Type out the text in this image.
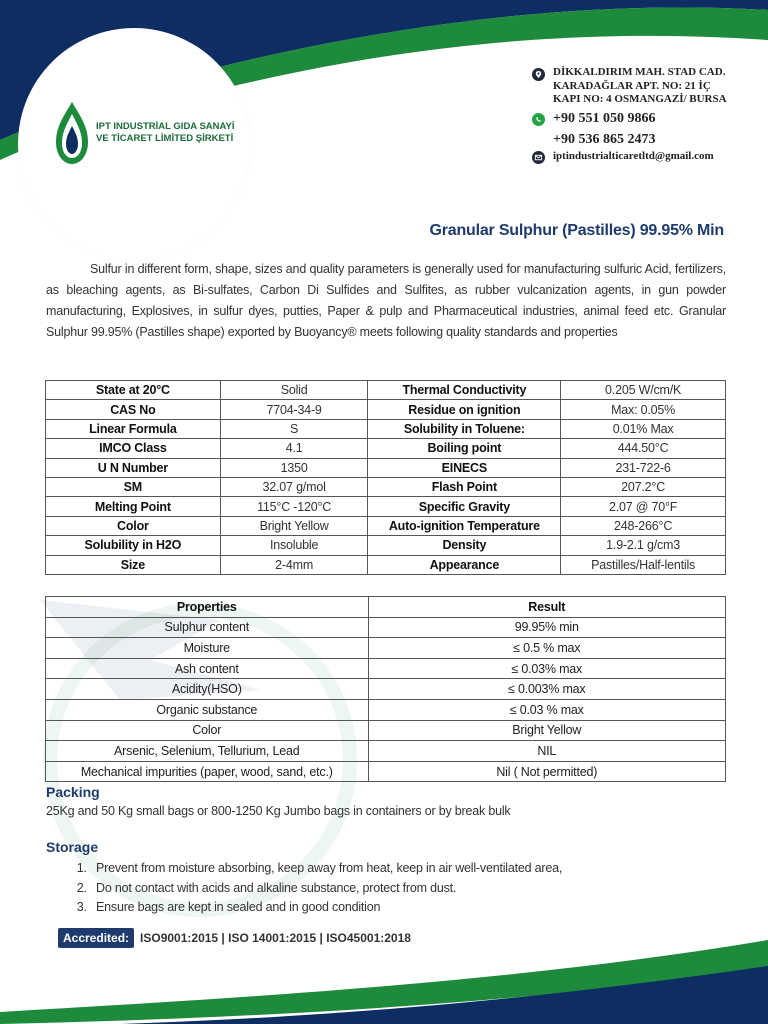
IPT INDUSTRİAL GIDA SANAYİ
VE TİCARET LİMİTED ŞİRKETİ
DİKKALDIRIM MAH. STAD CAD.
KARADAĞLAR APT. NO: 21 İÇ
KAPI NO: 4 OSMANGAZİ/ BURSA
+90 551 050 9866
+90 536 865 2473
iptindustrialticaretltd@gmail.com
Granular Sulphur (Pastilles) 99.95% Min

Sulfur in different form, shape, sizes and quality parameters is generally used for manufacturing sulfuric Acid, fertilizers, as bleaching agents, as Bi-sulfates, Carbon Di Sulfides and Sulfites, as rubber vulcanization agents, in gun powder manufacturing, Explosives, in sulfur dyes, putties, Paper & pulp and Pharmaceutical industries, animal feed etc. Granular Sulphur 99.95% (Pastilles shape) exported by Buoyancy® meets following quality standards and properties

State at 20°C	Solid	Thermal Conductivity	0.205 W/cm/K
CAS No	7704-34-9	Residue on ignition	Max: 0.05%
Linear Formula	S	Solubility in Toluene:	0.01% Max
IMCO Class	4.1	Boiling point	444.50°C
U N Number	1350	EINECS	231-722-6
SM	32.07 g/mol	Flash Point	207.2°C
Melting Point	115°C -120°C	Specific Gravity	2.07 @ 70°F
Color	Bright Yellow	Auto-ignition Temperature	248-266°C
Solubility in H2O	Insoluble	Density	1.9-2.1 g/cm3
Size	2-4mm	Appearance	Pastilles/Half-lentils
Properties	Result
Sulphur content	99.95% min
Moisture	≤ 0.5 % max
Ash content	≤ 0.03% max
Acidity(HSO)	≤ 0.003% max
Organic substance	≤ 0.03 % max
Color	Bright Yellow
Arsenic, Selenium, Tellurium, Lead	NIL
Mechanical impurities (paper, wood, sand, etc.)	Nil ( Not permitted)
Packing
25Kg and 50 Kg small bags or 800-1250 Kg Jumbo bags in containers or by break bulk
Storage
1. Prevent from moisture absorbing, keep away from heat, keep in air well-ventilated area,
2. Do not contact with acids and alkaline substance, protect from dust.
3. Ensure bags are kept in sealed and in good condition
Accredited: ISO9001:2015 | ISO 14001:2015 | ISO45001:2018
